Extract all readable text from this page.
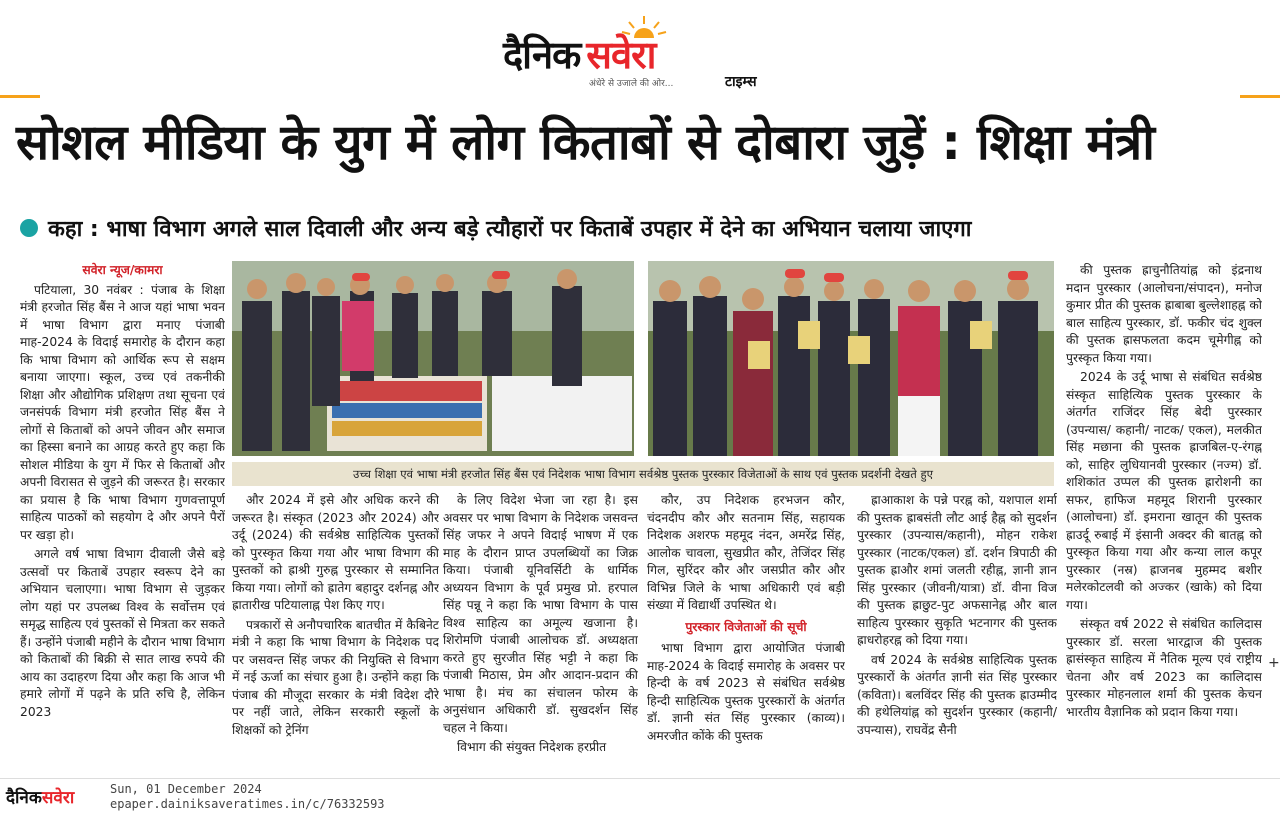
दैनिक सवेरा
अंधेरे से उजाले की ओर...	टाइम्स
सोशल मीडिया के युग में लोग किताबों से दोबारा जुड़ें : शिक्षा मंत्री
कहा : भाषा विभाग अगले साल दिवाली और अन्य बड़े त्यौहारों पर किताबें उपहार में देने का अभियान चलाया जाएगा

सवेरा न्यूज/कामरा

पटियाला, 30 नवंबर : पंजाब के शिक्षा मंत्री हरजोत सिंह बैंस ने आज यहां भाषा भवन में भाषा विभाग द्वारा मनाए पंजाबी माह-2024 के विदाई समारोह के दौरान कहा कि भाषा विभाग को आर्थिक रूप से सक्षम बनाया जाएगा। स्कूल, उच्च एवं तकनीकी शिक्षा और औद्योगिक प्रशिक्षण तथा सूचना एवं जनसंपर्क विभाग मंत्री हरजोत सिंह बैंस ने लोगों से किताबों को अपने जीवन और समाज का हिस्सा बनाने का आग्रह करते हुए कहा कि सोशल मीडिया के युग में फिर से किताबों और अपनी विरासत से जुड़ने की जरूरत है। सरकार का प्रयास है कि भाषा विभाग गुणवत्तापूर्ण साहित्य पाठकों को सहयोग दे और अपने पैरों पर खड़ा हो।

अगले वर्ष भाषा विभाग दीवाली जैसे बड़े उत्सवों पर किताबें उपहार स्वरूप देने का अभियान चलाएगा। भाषा विभाग से जुड़कर लोग यहां पर उपलब्ध विश्व के सर्वोत्तम एवं समृद्ध साहित्य एवं पुस्तकों से मित्रता कर सकते हैं। उन्होंने पंजाबी महीने के दौरान भाषा विभाग को किताबों की बिक्री से सात लाख रुपये की आय का उदाहरण दिया और कहा कि आज भी हमारे लोगों में पढ़ने के प्रति रुचि है, लेकिन 2023

उच्च शिक्षा एवं भाषा मंत्री हरजोत सिंह बैंस एवं निदेशक भाषा विभाग सर्वश्रेष्ठ पुस्तक पुरस्कार विजेताओं के साथ एवं पुस्तक प्रदर्शनी देखते हुए

और 2024 में इसे और अधिक करने की जरूरत है। संस्कृत (2023 और 2024) और उर्दू (2024) की सर्वश्रेष्ठ साहित्यिक पुस्तकों को पुरस्कृत किया गया और भाषा विभाग की पुस्तकों को ह्राश्री गुरुह्न पुरस्कार से सम्मानित किया गया। लोगों को ह्रातेग बहादुर दर्शनह्न और ह्रातारीख पटियालाह्न पेश किए गए।

पत्रकारों से अनौपचारिक बातचीत में कैबिनेट मंत्री ने कहा कि भाषा विभाग के निदेशक पद पर जसवन्त सिंह जफर की नियुक्ति से विभाग में नई ऊर्जा का संचार हुआ है। उन्होंने कहा कि पंजाब की मौजूदा सरकार के मंत्री विदेश दौरे पर नहीं जाते, लेकिन सरकारी स्कूलों के शिक्षकों को ट्रेनिंग

के लिए विदेश भेजा जा रहा है। इस अवसर पर भाषा विभाग के निदेशक जसवन्त सिंह जफर ने अपने विदाई भाषण में एक माह के दौरान प्राप्त उपलब्धियों का जिक्र किया। पंजाबी यूनिवर्सिटी के धार्मिक अध्ययन विभाग के पूर्व प्रमुख प्रो. हरपाल सिंह पन्नू ने कहा कि भाषा विभाग के पास विश्व साहित्य का अमूल्य खजाना है। शिरोमणि पंजाबी आलोचक डॉ. अध्यक्षता करते हुए सुरजीत सिंह भट्टी ने कहा कि पंजाबी मिठास, प्रेम और आदान-प्रदान की भाषा है। मंच का संचालन फोरम के अनुसंधान अधिकारी डॉ. सुखदर्शन सिंह चहल ने किया।

विभाग की संयुक्त निदेशक हरप्रीत

कौर, उप निदेशक हरभजन कौर, चंदनदीप कौर और सतनाम सिंह, सहायक निदेशक अशरफ महमूद नंदन, अमरेंद्र सिंह, आलोक चावला, सुखप्रीत कौर, तेजिंदर सिंह गिल, सुरिंदर कौर और जसप्रीत कौर और विभिन्न जिले के भाषा अधिकारी एवं बड़ी संख्या में विद्यार्थी उपस्थित थे।

पुरस्कार विजेताओं की सूची

भाषा विभाग द्वारा आयोजित पंजाबी माह-2024 के विदाई समारोह के अवसर पर हिन्दी के वर्ष 2023 से संबंधित सर्वश्रेष्ठ हिन्दी साहित्यिक पुस्तक पुरस्कारों के अंतर्गत डॉ. ज्ञानी संत सिंह पुरस्कार (काव्य)। अमरजीत कोंके की पुस्तक

ह्राआकाश के पन्ने परह्न को, यशपाल शर्मा की पुस्तक ह्राबसंती लौट आई हैह्न को सुदर्शन पुरस्कार (उपन्यास/कहानी), मोहन राकेश पुरस्कार (नाटक/एकल) डॉ. दर्शन त्रिपाठी की पुस्तक ह्राऔर शमां जलती रहीह्न, ज्ञानी ज्ञान सिंह पुरस्कार (जीवनी/यात्रा) डॉ. वीना विज की पुस्तक ह्राछुट-पुट अफसानेह्न और बाल साहित्य पुरस्कार सुकृति भटनागर की पुस्तक ह्राधरोहरह्न को दिया गया।

वर्ष 2024 के सर्वश्रेष्ठ साहित्यिक पुस्तक पुरस्कारों के अंतर्गत ज्ञानी संत सिंह पुरस्कार (कविता)। बलविंदर सिंह की पुस्तक ह्राउम्मीद की हथेलियांह्न को सुदर्शन पुरस्कार (कहानी/उपन्यास), राघवेंद्र सैनी

की पुस्तक ह्राचुनौतियांह्न को इंद्रनाथ मदान पुरस्कार (आलोचना/संपादन), मनोज कुमार प्रीत की पुस्तक ह्राबाबा बुल्लेशाहह्न को बाल साहित्य पुरस्कार, डॉ. फकीर चंद शुक्ल की पुस्तक ह्रासफलता कदम चूमेगीह्न को पुरस्कृत किया गया।

2024 के उर्दू भाषा से संबंधित सर्वश्रेष्ठ संस्कृत साहित्यिक पुस्तक पुरस्कार के अंतर्गत राजिंदर सिंह बेदी पुरस्कार (उपन्यास/ कहानी/ नाटक/ एकल), मलकीत सिंह मछाना की पुस्तक ह्राजबिल-ए-रंगह्न को, साहिर लुधियानवी पुरस्कार (नज्म) डॉ. शशिकांत उप्पल की पुस्तक ह्रारोशनी का सफर, हाफिज महमूद शिरानी पुरस्कार (आलोचना) डॉ. इमराना खातून की पुस्तक ह्राउर्दू रुबाई में इंसानी अक्दर की बातह्न को पुरस्कृत किया गया और कन्या लाल कपूर पुरस्कार (नस्र) ह्राजनब मुहम्मद बशीर मलेरकोटलवी को अज्कर (खाके) को दिया गया।

संस्कृत वर्ष 2022 से संबंधित कालिदास पुरस्कार डॉ. सरला भारद्वाज की पुस्तक ह्रासंस्कृत साहित्य में नैतिक मूल्य एवं राष्ट्रीय चेतना और वर्ष 2023 का कालिदास पुरस्कार मोहनलाल शर्मा की पुस्तक केचन भारतीय वैज्ञानिक को प्रदान किया गया।

+
दैनिकसवेरा	Sun, 01 December 2024
epaper.dainiksaveratimes.in/c/76332593
